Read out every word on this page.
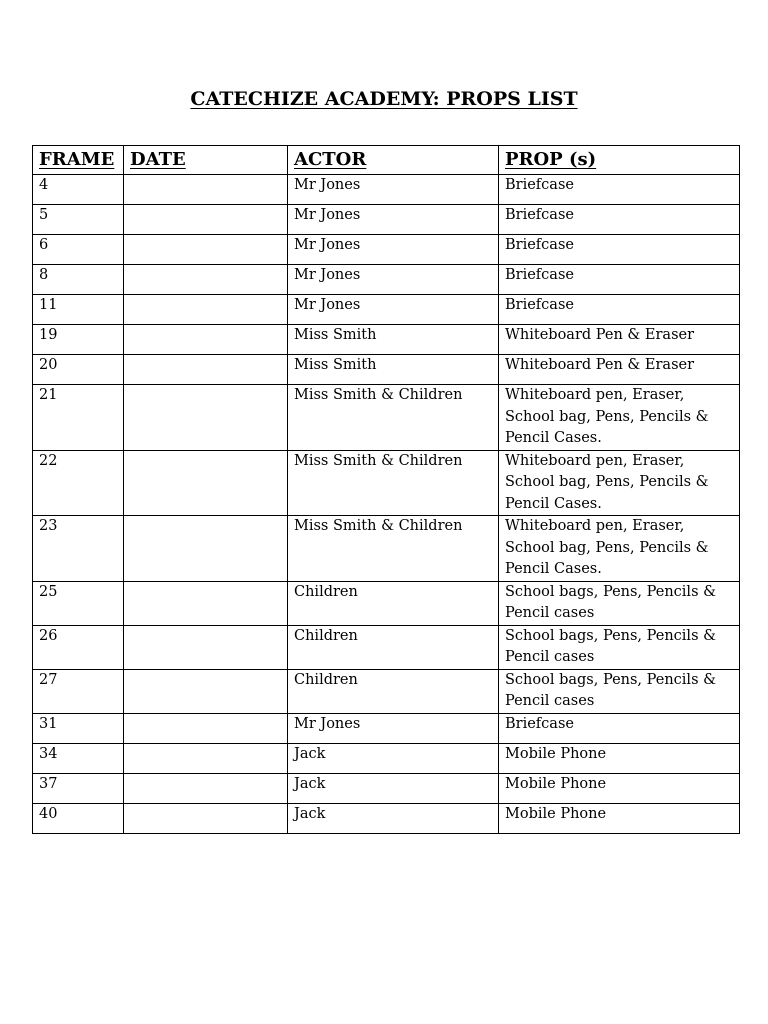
CATECHIZE ACADEMY: PROPS LIST
FRAME	DATE	ACTOR	PROP (s)
4		Mr Jones	Briefcase
5		Mr Jones	Briefcase
6		Mr Jones	Briefcase
8		Mr Jones	Briefcase
11		Mr Jones	Briefcase
19		Miss Smith	Whiteboard Pen & Eraser
20		Miss Smith	Whiteboard Pen & Eraser
21		Miss Smith & Children	Whiteboard pen, Eraser, School bag, Pens, Pencils & Pencil Cases.
22		Miss Smith & Children	Whiteboard pen, Eraser, School bag, Pens, Pencils & Pencil Cases.
23		Miss Smith & Children	Whiteboard pen, Eraser, School bag, Pens, Pencils & Pencil Cases.
25		Children	School bags, Pens, Pencils & Pencil cases
26		Children	School bags, Pens, Pencils & Pencil cases
27		Children	School bags, Pens, Pencils & Pencil cases
31		Mr Jones	Briefcase
34		Jack	Mobile Phone
37		Jack	Mobile Phone
40		Jack	Mobile Phone
